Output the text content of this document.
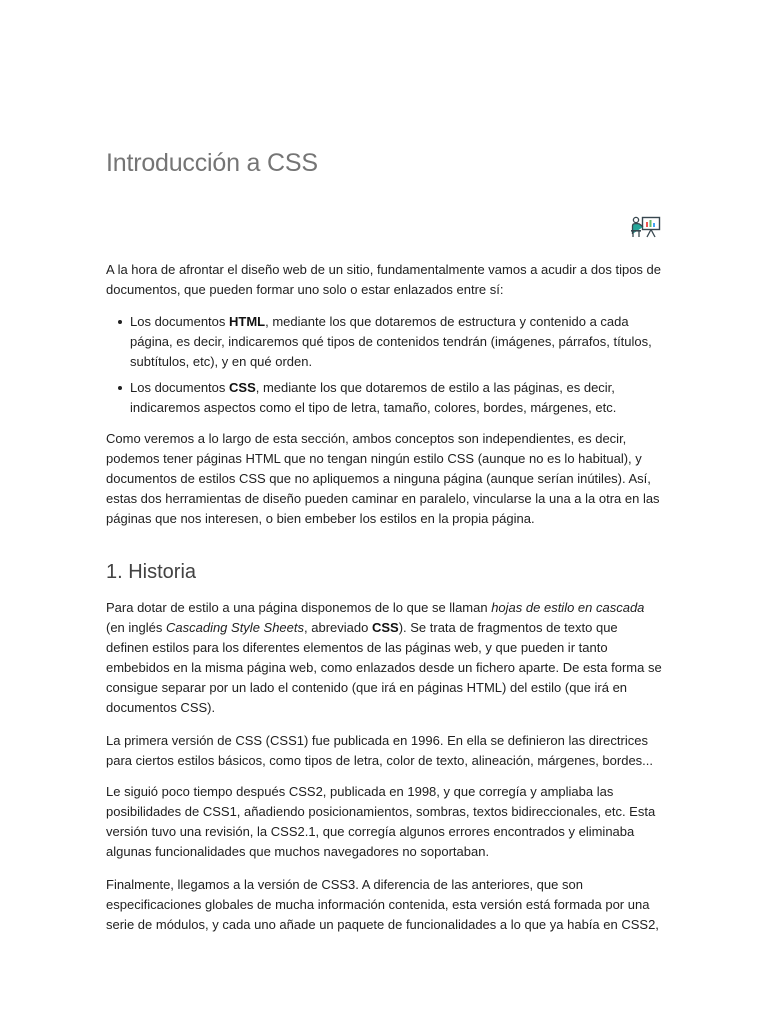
Introducción a CSS

A la hora de afrontar el diseño web de un sitio, fundamentalmente vamos a acudir a dos tipos de documentos, que pueden formar uno solo o estar enlazados entre sí:

Los documentos HTML, mediante los que dotaremos de estructura y contenido a cada página, es decir, indicaremos qué tipos de contenidos tendrán (imágenes, párrafos, títulos, subtítulos, etc), y en qué orden.
Los documentos CSS, mediante los que dotaremos de estilo a las páginas, es decir, indicaremos aspectos como el tipo de letra, tamaño, colores, bordes, márgenes, etc.

Como veremos a lo largo de esta sección, ambos conceptos son independientes, es decir, podemos tener páginas HTML que no tengan ningún estilo CSS (aunque no es lo habitual), y documentos de estilos CSS que no apliquemos a ninguna página (aunque serían inútiles). Así, estas dos herramientas de diseño pueden caminar en paralelo, vincularse la una a la otra en las páginas que nos interesen, o bien embeber los estilos en la propia página.

1. Historia

Para dotar de estilo a una página disponemos de lo que se llaman hojas de estilo en cascada (en inglés Cascading Style Sheets, abreviado CSS). Se trata de fragmentos de texto que definen estilos para los diferentes elementos de las páginas web, y que pueden ir tanto embebidos en la misma página web, como enlazados desde un fichero aparte. De esta forma se consigue separar por un lado el contenido (que irá en páginas HTML) del estilo (que irá en documentos CSS).

La primera versión de CSS (CSS1) fue publicada en 1996. En ella se definieron las directrices para ciertos estilos básicos, como tipos de letra, color de texto, alineación, márgenes, bordes...

Le siguió poco tiempo después CSS2, publicada en 1998, y que corregía y ampliaba las posibilidades de CSS1, añadiendo posicionamientos, sombras, textos bidireccionales, etc. Esta versión tuvo una revisión, la CSS2.1, que corregía algunos errores encontrados y eliminaba algunas funcionalidades que muchos navegadores no soportaban.

Finalmente, llegamos a la versión de CSS3. A diferencia de las anteriores, que son especificaciones globales de mucha información contenida, esta versión está formada por una serie de módulos, y cada uno añade un paquete de funcionalidades a lo que ya había en CSS2,
